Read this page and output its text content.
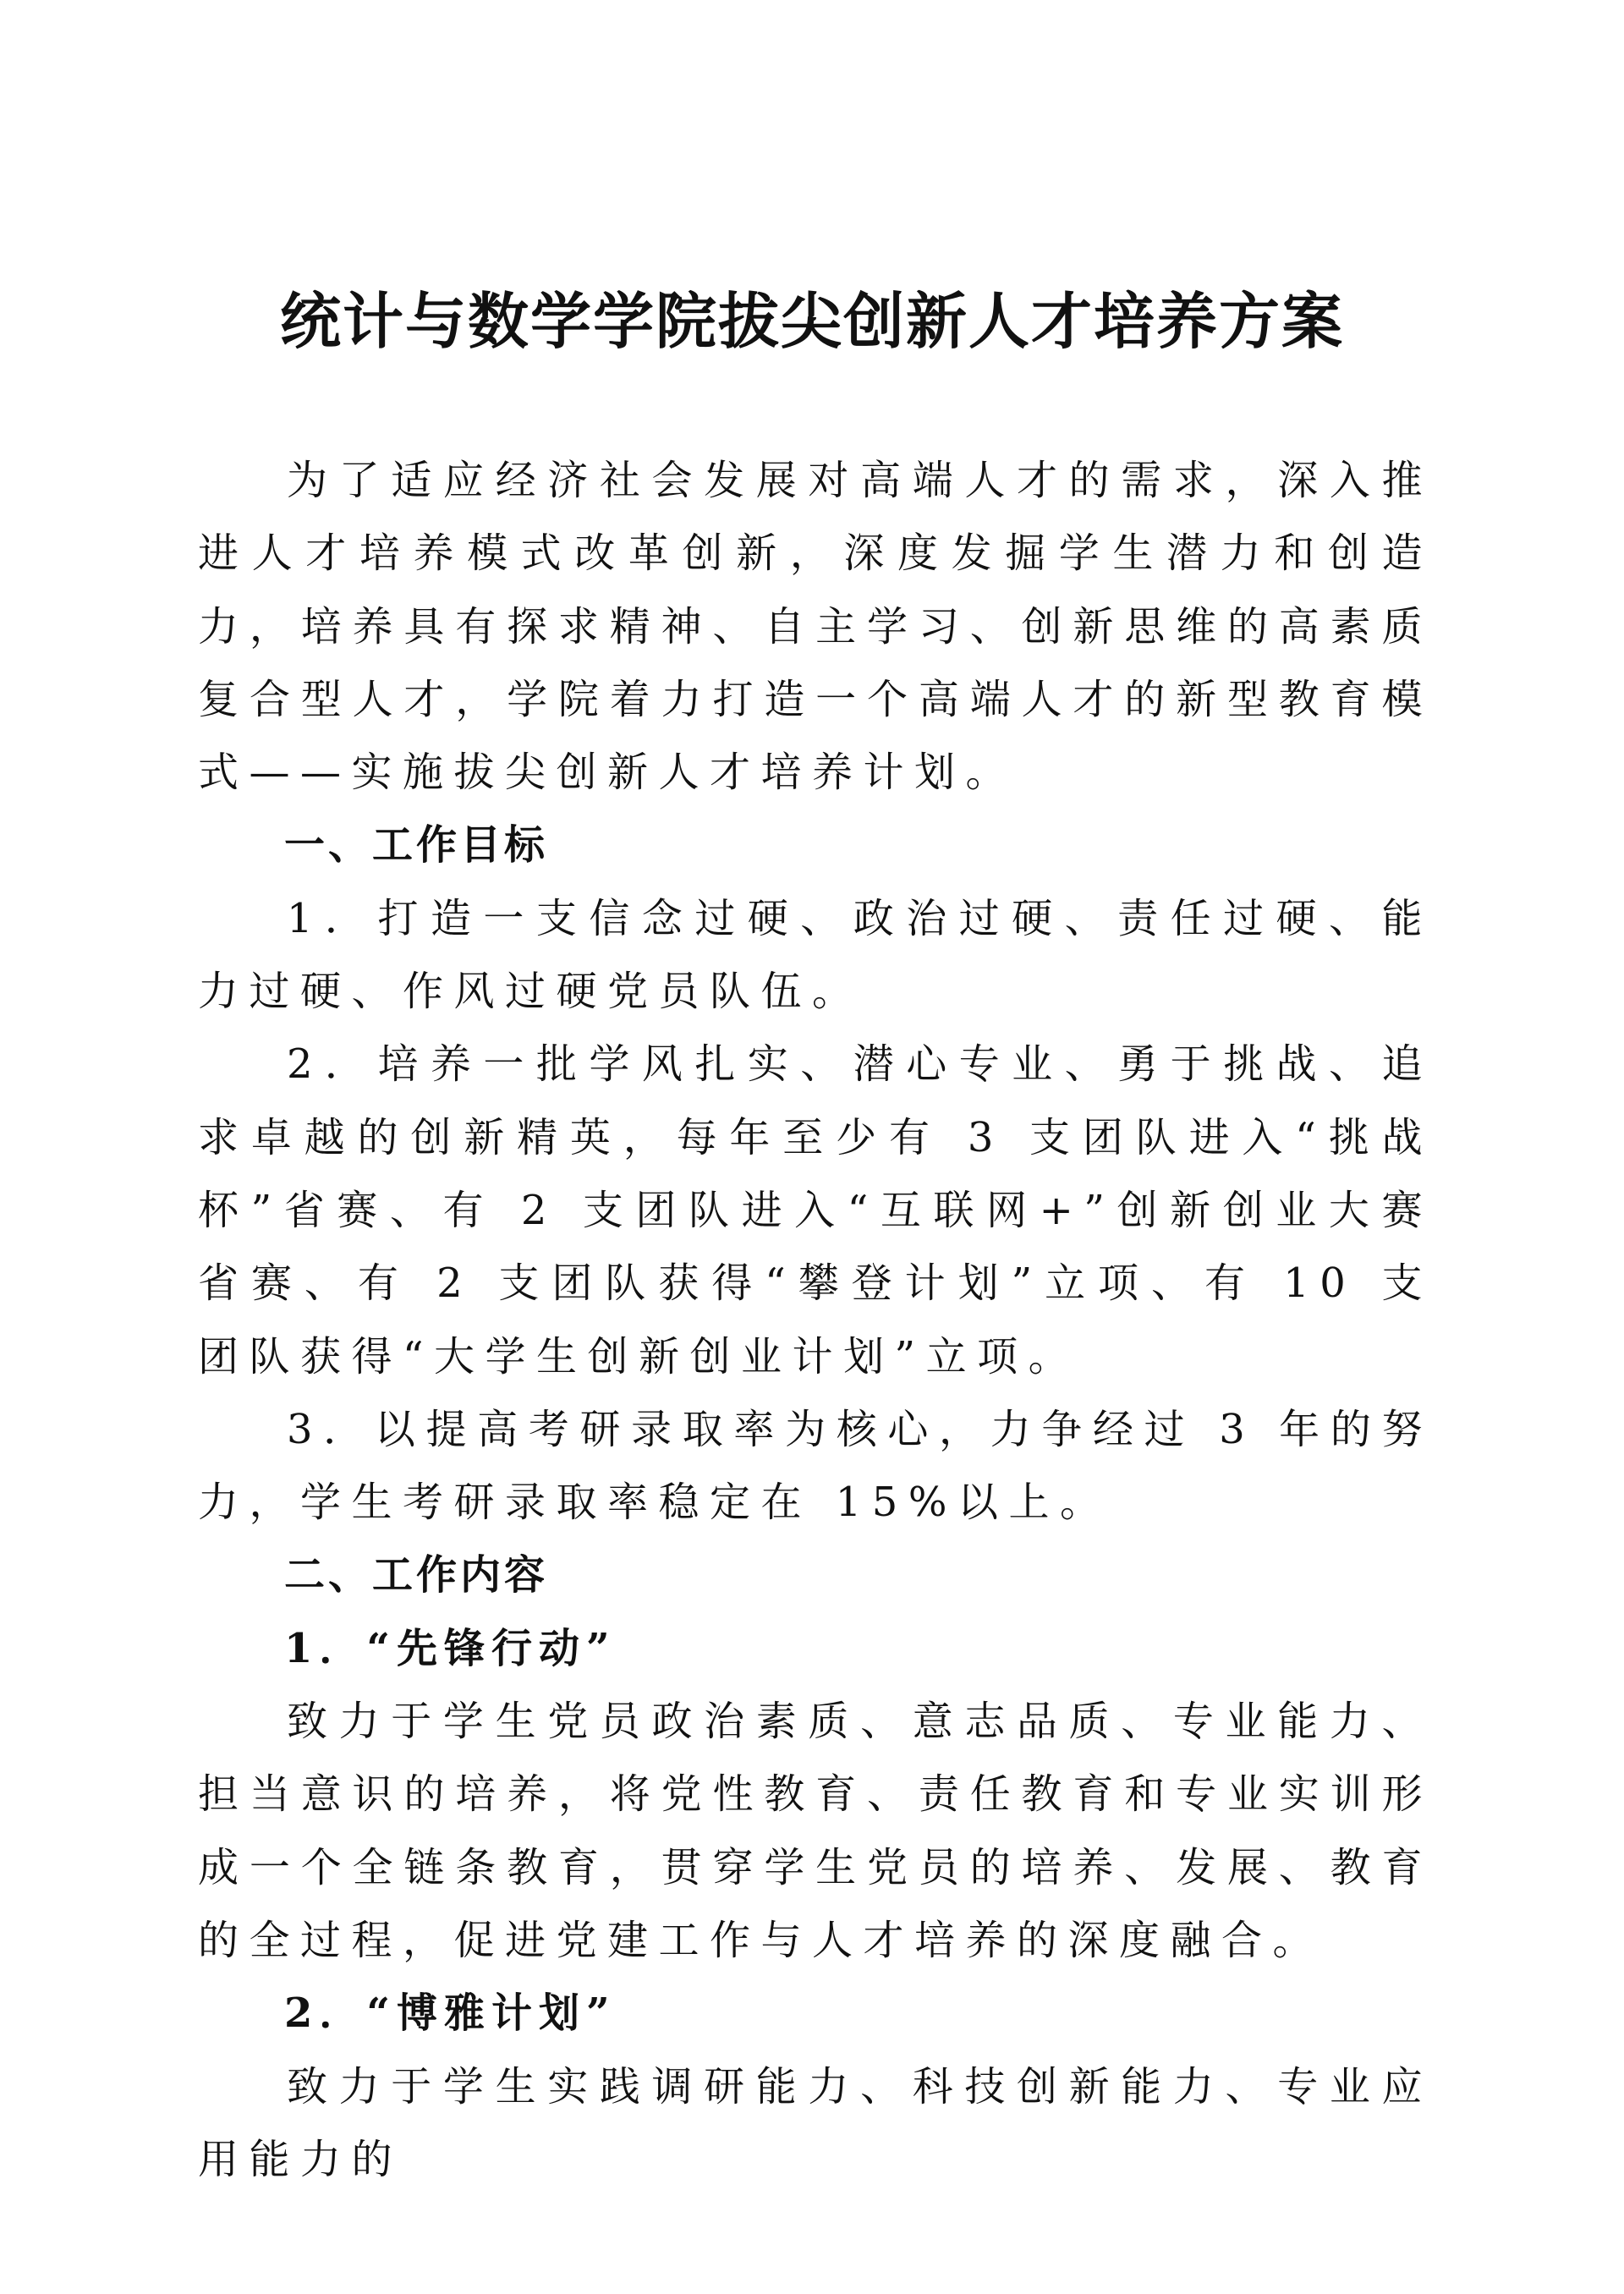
统计与数学学院拔尖创新人才培养方案

为了适应经济社会发展对高端人才的需求，深入推进人才培养模式改革创新，深度发掘学生潜力和创造力，培养具有探求精神、自主学习、创新思维的高素质复合型人才，学院着力打造一个高端人才的新型教育模式——实施拔尖创新人才培养计划。

一、工作目标

1．打造一支信念过硬、政治过硬、责任过硬、能力过硬、作风过硬党员队伍。

2．培养一批学风扎实、潜心专业、勇于挑战、追求卓越的创新精英，每年至少有 3 支团队进入“挑战杯”省赛、有 2 支团队进入“互联网+”创新创业大赛省赛、有 2 支团队获得“攀登计划”立项、有 10 支团队获得“大学生创新创业计划”立项。

3．以提高考研录取率为核心，力争经过 3 年的努力，学生考研录取率稳定在 15%以上。

二、工作内容

1．“先锋行动”

致力于学生党员政治素质、意志品质、专业能力、担当意识的培养，将党性教育、责任教育和专业实训形成一个全链条教育，贯穿学生党员的培养、发展、教育的全过程，促进党建工作与人才培养的深度融合。

2．“博雅计划”

致力于学生实践调研能力、科技创新能力、专业应用能力的
